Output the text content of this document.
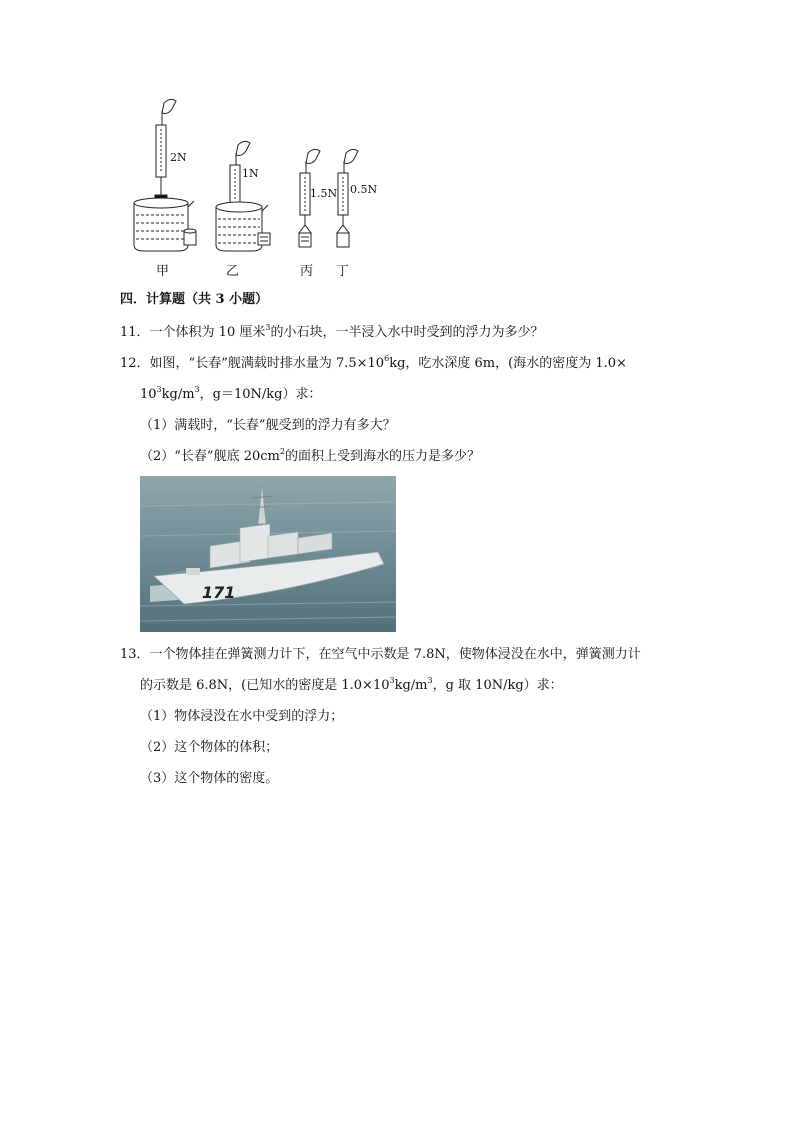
2N
1N
1.5N 0.5N
甲	乙	丙 丁
四．计算题（共 3 小题）
11．一个体积为 10 厘米$^3$的小石块，一半浸入水中时受到的浮力为多少？
12．如图，“长春”舰满载时排水量为 $7.5\times 10^6kg$，吃水深度 6m，(海水的密度为 1.0×
$10^3kg/m^3$，g＝10N/kg）求：
（1）满载时，“长春”舰受到的浮力有多大？
（2）“长春”舰底 $20cm^2$的面积上受到海水的压力是多少？
171
13．一个物体挂在弹簧测力计下，在空气中示数是 7.8N，使物体浸没在水中，弹簧测力计
的示数是 6.8N，(已知水的密度是 $1.0\times 10^3kg/m^3$，g 取 10N/kg）求：
（1）物体浸没在水中受到的浮力；
（2）这个物体的体积；
（3）这个物体的密度。
